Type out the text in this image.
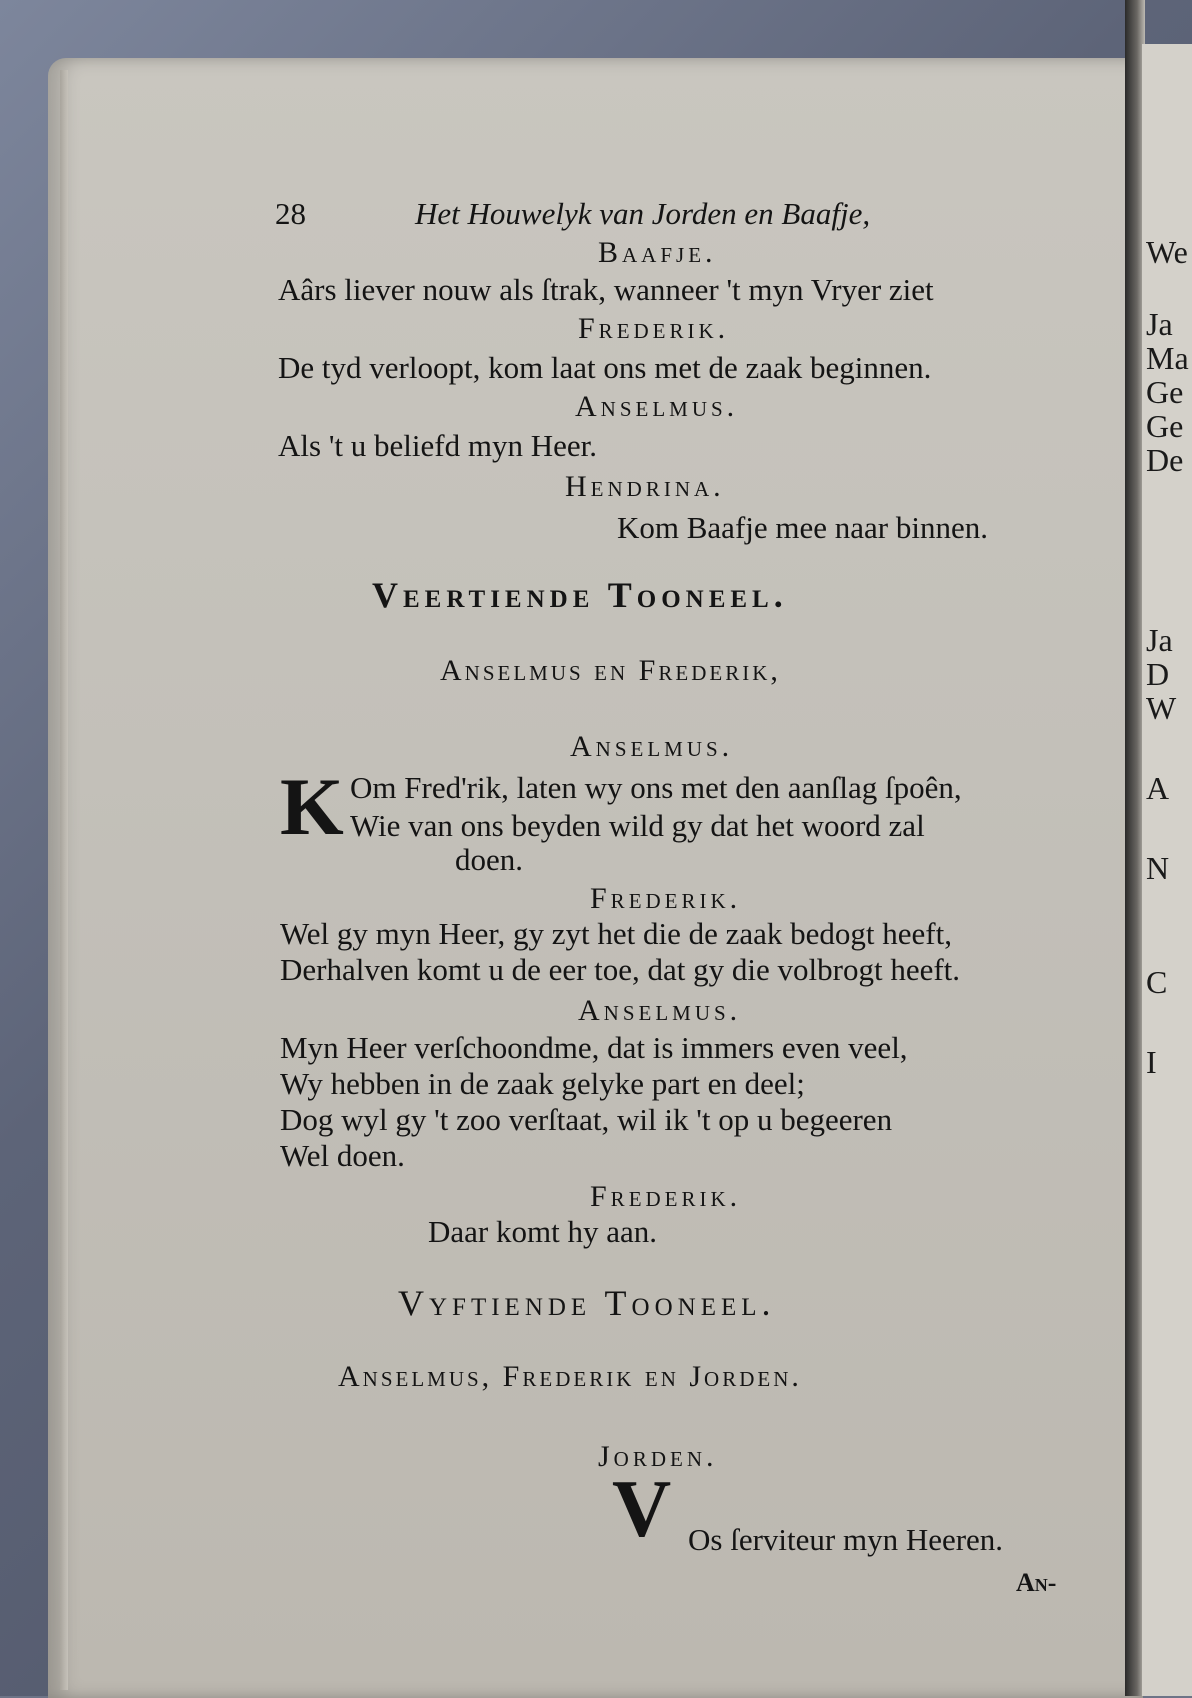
We
Ja
Ma
Ge
Ge
De
Ja
D
W
A
N
C
I
28	Het Houwelyk van Jorden en Baafje,
Baafje.
Aârs liever nouw als ſtrak, wanneer 't myn Vryer ziet
Frederik.
De tyd verloopt, kom laat ons met de zaak beginnen.
Anselmus.
Als 't u beliefd myn Heer.
Hendrina.
Kom Baafje mee naar binnen.
Veertiende Tooneel.
Anselmus en Frederik,
Anselmus.
K Om Fred'rik, laten wy ons met den aanſlag ſpoên,
Wie van ons beyden wild gy dat het woord zal
doen.
Frederik.
Wel gy myn Heer, gy zyt het die de zaak bedogt heeft,
Derhalven komt u de eer toe, dat gy die volbrogt heeft.
Anselmus.
Myn Heer verſchoondme, dat is immers even veel,
Wy hebben in de zaak gelyke part en deel;
Dog wyl gy 't zoo verſtaat, wil ik 't op u begeeren
Wel doen.
Frederik.
Daar komt hy aan.
Vyftiende Tooneel.
Anselmus, Frederik en Jorden.
Jorden.
V Os ſerviteur myn Heeren.
An-
